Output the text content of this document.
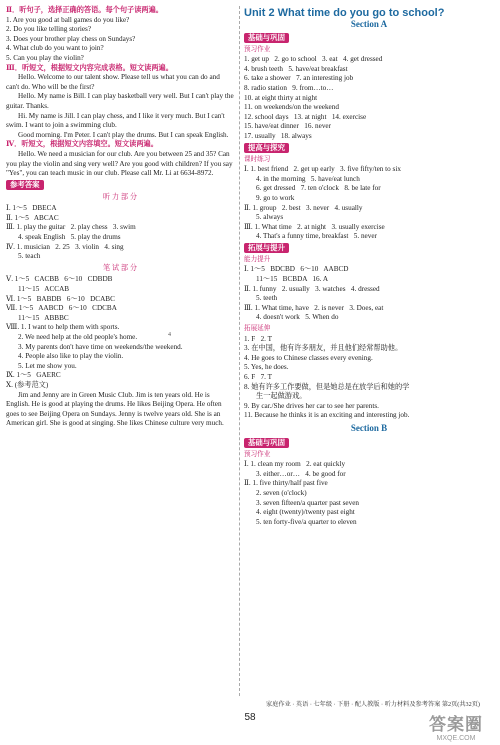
Ⅱ．听句子，选择正确的答语。每个句子读两遍。
1. Are you good at ball games do you like?
2. Do you like telling stories?
3. Does your brother play chess on Sundays?
4. What club do you want to join?
5. Can you play the violin?
Ⅲ．听短文，根据短文内容完成表格。短文读两遍。
Hello. Welcome to our talent show. Please tell us what you can do and can't do. Who will be the first?
Hello. My name is Bill. I can play basketball very well. But I can't play the guitar. Thanks.
Hi. My name is Jill. I can play chess, and I like it very much. But I can't swim. I want to join a swimming club.
Good morning. I'm Peter. I can't play the drums. But I can speak English.
Ⅳ．听短文，根据短文内容填空。短文读两遍。
Hello. We need a musician for our club. Are you between 25 and 35? Can you play the violin and sing very well? Are you good with children? If you say "Yes", you can teach music in our club. Please call Mr. Li at 6634-8972.
参考答案
听 力 部 分
Ⅰ. 1～5   DBECA
Ⅱ. 1～5   ABCAC
Ⅲ. 1. play the guitar   2. play chess   3. swim
4. speak English   5. play the drums
Ⅳ. 1. musician   2. 25   3. violin   4. sing
5. teach
笔 试 部 分
Ⅴ. 1～5   CACBB   6～10   CDBDB
11～15   ACCAB
Ⅵ. 1～5   BABDB   6～10   DCABC
Ⅶ. 1～5   AABCD   6～10   CDCBA
11～15   ABBBC
Ⅷ. 1. I want to help them with sports.
2. We need help at the old people's home.
3. My parents don't have time on weekends/the weekend.
4. People also like to play the violin.
5. Let me show you.
Ⅸ. 1～5   GAERC
Ⅹ. (参考范文)
Jim and Jenny are in Green Music Club. Jim is ten years old. He is English. He is good at playing the drums. He likes Beijing Opera. He often goes to see Beijing Opera on Sundays. Jenny is twelve years old. She is an American girl. She is good at singing. She likes Chinese culture very much.
Unit 2 What time do you go to school?
Section A
基础与巩固
预习作业
1. get up   2. go to school   3. eat   4. get dressed
4. brush teeth   5. have/eat breakfast
6. take a shower   7. an interesting job
8. radio station   9. from…to…
10. at eight thirty at night
11. on weekends/on the weekend
12. school days   13. at night   14. exercise
15. have/eat dinner   16. never
17. usually   18. always
提高与探究
课时练习
Ⅰ. 1. best friend   2. get up early   3. five fifty/ten to six
4. in the morning   5. have/eat lunch
6. get dressed   7. ten o'clock   8. be late for
9. go to work
Ⅱ. 1. group   2. best   3. never   4. usually
5. always
Ⅲ. 1. What time   2. at night   3. usually exercise
4. That's a funny time, breakfast   5. never
拓展与提升
能力提升
Ⅰ. 1～5   BDCBD   6～10   AABCD
11～15   BCBDA   16. A
Ⅱ. 1. funny   2. usually   3. watches   4. dressed
5. teeth
Ⅲ. 1. What time, have   2. is never   3. Does, eat
4. doesn't work   5. When do
拓展延伸
1. F   2. T
3. 在中国，他有许多朋友，并且他们经常帮助他。
4. He goes to Chinese classes every evening.
5. Yes, he does.
6. F   7. T
8. 她有许多工作要做，但是她总是在放学后和她的学
生一起做游戏。
9. By car./She drives her car to see her parents.
11. Because he thinks it is an exciting and interesting job.
Section B
基础与巩固
预习作业
Ⅰ. 1. clean my room   2. eat quickly
3. either…or…   4. be good for
Ⅱ. 1. five thirty/half past five
2. seven (o'clock)
3. seven fifteen/a quarter past seven
4. eight (twenty)/twenty past eight
5. ten forty-five/a quarter to eleven
4
家庭作业 · 英语 · 七年级 · 下册 · 配人教版 · 听力材料及参考答案 第2页(共32页)
58	答案圈
MXQE.COM
